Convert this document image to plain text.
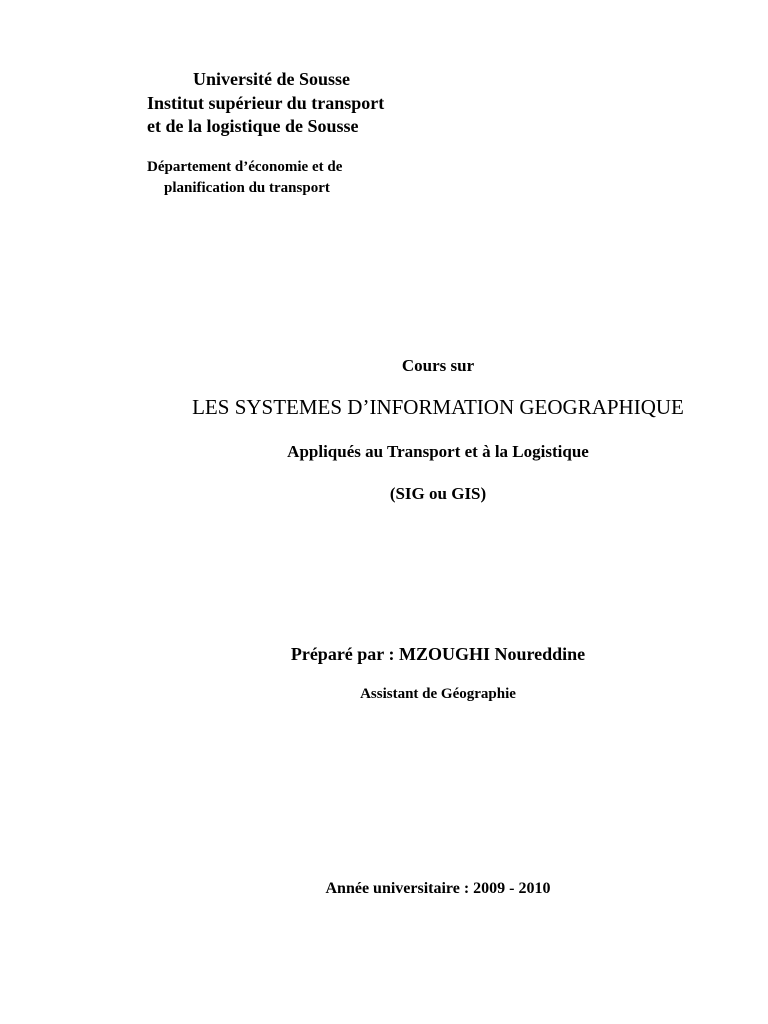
Université de Sousse
Institut supérieur du transport
et de la logistique de Sousse
Département d’économie et de
planification du transport
Cours sur
LES SYSTEMES D’INFORMATION GEOGRAPHIQUE
Appliqués au Transport et à la Logistique
(SIG ou GIS)
Préparé par : MZOUGHI Noureddine
Assistant de Géographie
Année universitaire : 2009 - 2010
